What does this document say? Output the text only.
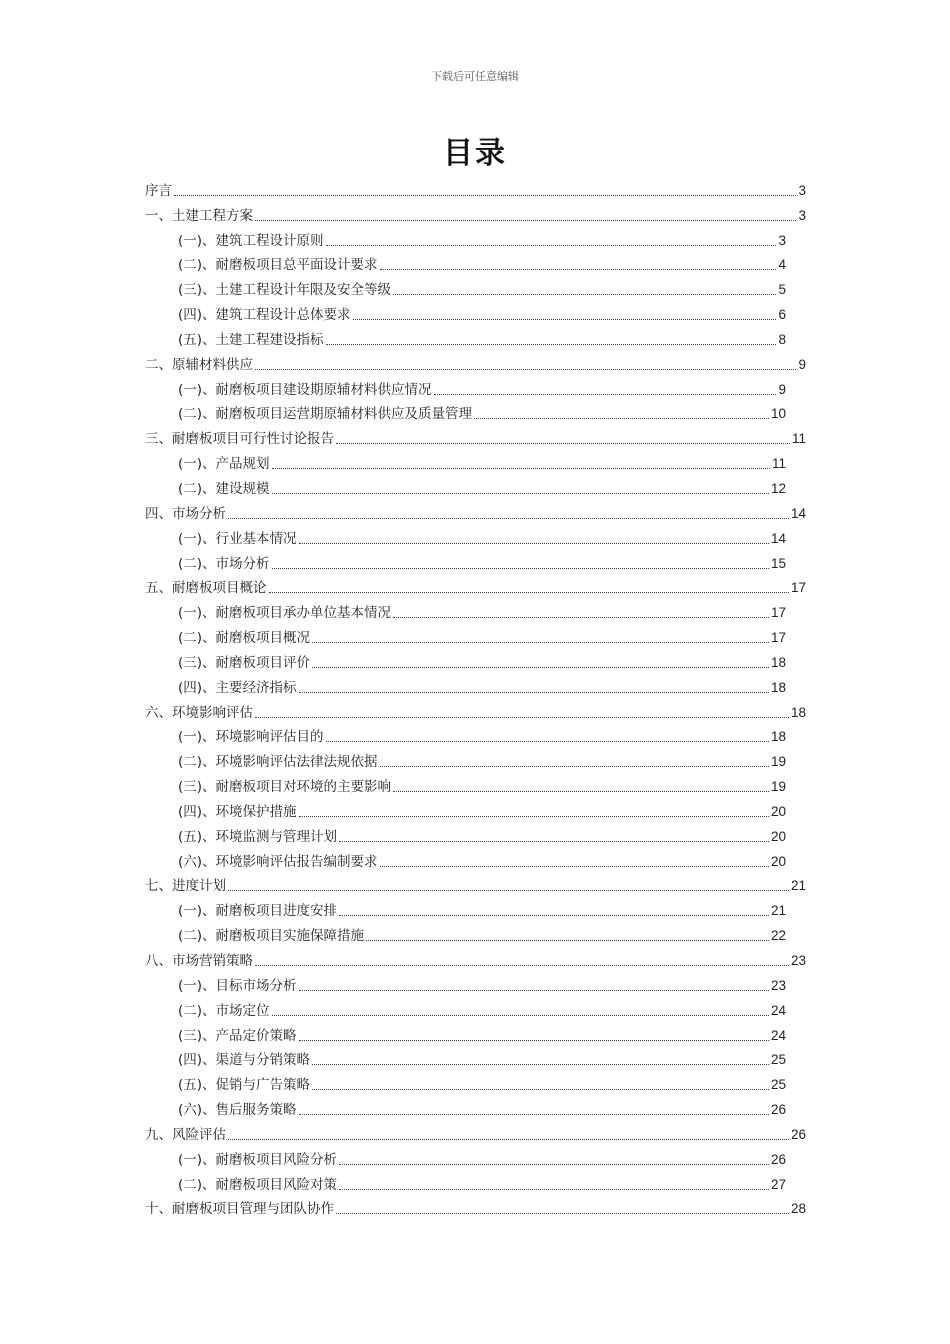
下载后可任意编辑
目录
序言	3
一、土建工程方案	3
(一)、建筑工程设计原则	3
(二)、耐磨板项目总平面设计要求	4
(三)、土建工程设计年限及安全等级	5
(四)、建筑工程设计总体要求	6
(五)、土建工程建设指标	8
二、原辅材料供应	9
(一)、耐磨板项目建设期原辅材料供应情况	9
(二)、耐磨板项目运营期原辅材料供应及质量管理	10
三、耐磨板项目可行性讨论报告	11
(一)、产品规划	11
(二)、建设规模	12
四、市场分析	14
(一)、行业基本情况	14
(二)、市场分析	15
五、耐磨板项目概论	17
(一)、耐磨板项目承办单位基本情况	17
(二)、耐磨板项目概况	17
(三)、耐磨板项目评价	18
(四)、主要经济指标	18
六、环境影响评估	18
(一)、环境影响评估目的	18
(二)、环境影响评估法律法规依据	19
(三)、耐磨板项目对环境的主要影响	19
(四)、环境保护措施	20
(五)、环境监测与管理计划	20
(六)、环境影响评估报告编制要求	20
七、进度计划	21
(一)、耐磨板项目进度安排	21
(二)、耐磨板项目实施保障措施	22
八、市场营销策略	23
(一)、目标市场分析	23
(二)、市场定位	24
(三)、产品定价策略	24
(四)、渠道与分销策略	25
(五)、促销与广告策略	25
(六)、售后服务策略	26
九、风险评估	26
(一)、耐磨板项目风险分析	26
(二)、耐磨板项目风险对策	27
十、耐磨板项目管理与团队协作	28
